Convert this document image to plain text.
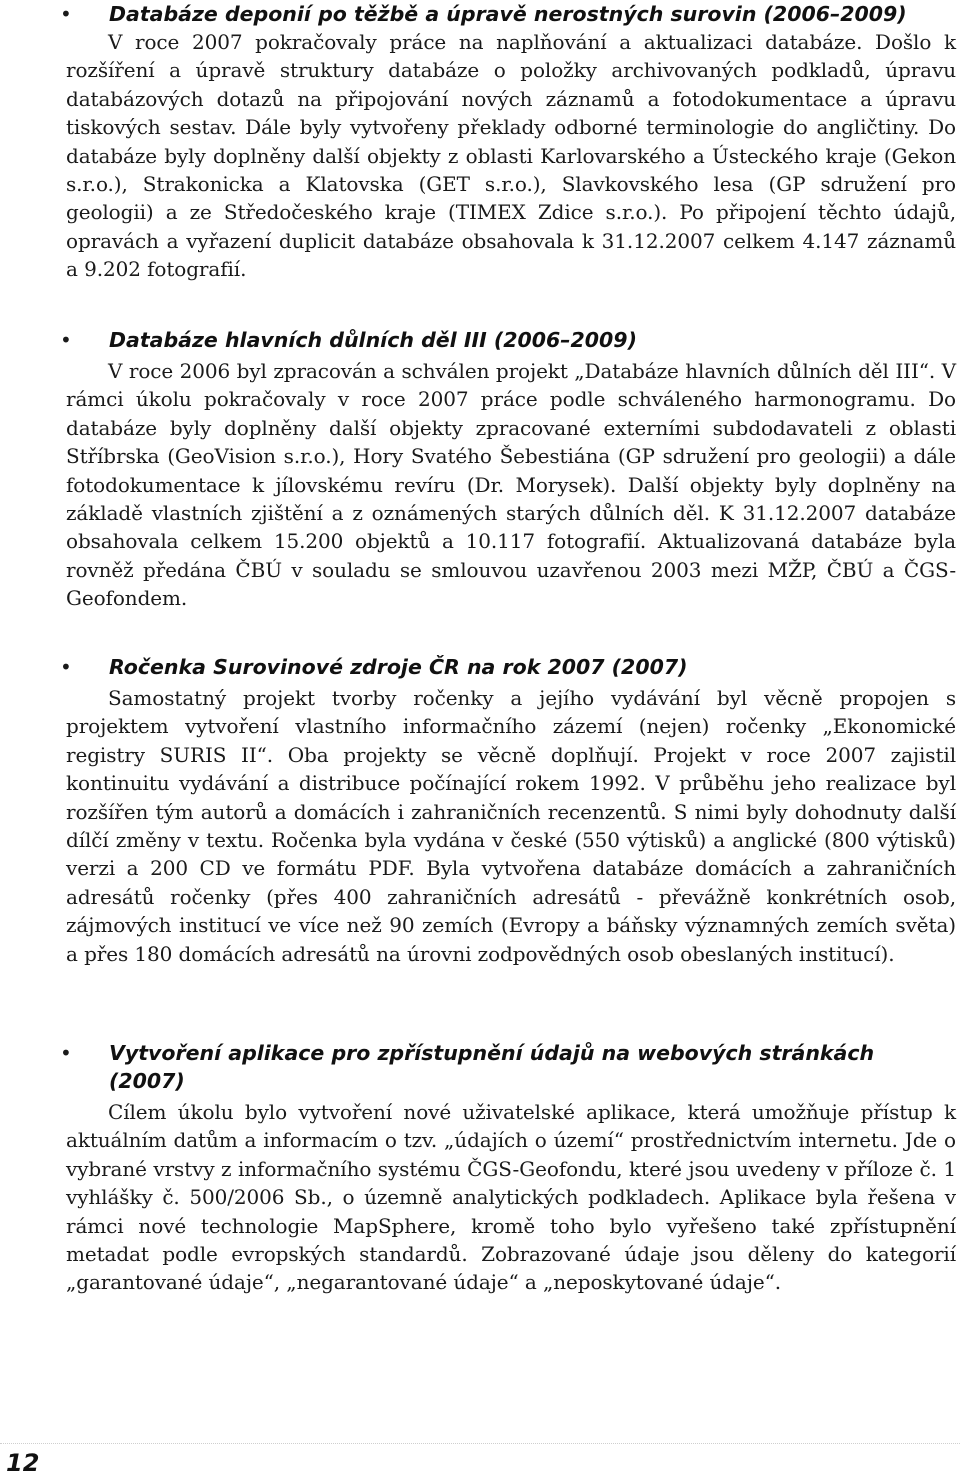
• Databáze deponií po těžbě a úpravě nerostných surovin (2006–2009)

V roce 2007 pokračovaly práce na naplňování a aktualizaci databáze. Došlo k rozšíření a úpravě struktury databáze o položky archivovaných podkladů, úpravu databázových dotazů na připojování nových záznamů a fotodokumentace a úpravu tiskových sestav. Dále byly vytvořeny překlady odborné terminologie do angličtiny. Do databáze byly doplněny další objekty z oblasti Karlovarského a Ústeckého kraje (Gekon s.r.o.), Strakonicka a Klatovska (GET s.r.o.), Slavkovského lesa (GP sdružení pro geologii) a ze Středočeského kraje (TIMEX Zdice s.r.o.). Po připojení těchto údajů, opravách a vyřazení duplicit databáze obsahovala k 31.12.2007 celkem 4.147 záznamů a 9.202 fotografií.

• Databáze hlavních důlních děl III (2006–2009)

V roce 2006 byl zpracován a schválen projekt „Databáze hlavních důlních děl III“. V rámci úkolu pokračovaly v roce 2007 práce podle schváleného harmonogramu. Do databáze byly doplněny další objekty zpracované externími subdodavateli z oblasti Stříbrska (GeoVision s.r.o.), Hory Svatého Šebestiána (GP sdružení pro geologii) a dále fotodokumentace k jílovskému revíru (Dr. Morysek). Další objekty byly doplněny na základě vlastních zjištění a z oznámených starých důlních děl. K 31.12.2007 databáze obsahovala celkem 15.200 objektů a 10.117 fotografií. Aktualizovaná databáze byla rovněž předána ČBÚ v souladu se smlouvou uzavřenou 2003 mezi MŽP, ČBÚ a ČGS-Geofondem.

• Ročenka Surovinové zdroje ČR na rok 2007 (2007)

Samostatný projekt tvorby ročenky a jejího vydávání byl věcně propojen s projektem vytvoření vlastního informačního zázemí (nejen) ročenky „Ekonomické registry SURIS II“. Oba projekty se věcně doplňují. Projekt v roce 2007 zajistil kontinuitu vydávání a distribuce počínající rokem 1992. V průběhu jeho realizace byl rozšířen tým autorů a domácích i zahraničních recenzentů. S nimi byly dohodnuty další dílčí změny v textu. Ročenka byla vydána v české (550 výtisků) a anglické (800 výtisků) verzi a 200 CD ve formátu PDF. Byla vytvořena databáze domácích a zahraničních adresátů ročenky (přes 400 zahraničních adresátů - převážně konkrétních osob, zájmových institucí ve více než 90 zemích (Evropy a báňsky významných zemích světa) a přes 180 domácích adresátů na úrovni zodpovědných osob obeslaných institucí).

• Vytvoření aplikace pro zpřístupnění údajů na webových stránkách (2007)

Cílem úkolu bylo vytvoření nové uživatelské aplikace, která umožňuje přístup k aktuálním datům a informacím o tzv. „údajích o území“ prostřednictvím internetu. Jde o vybrané vrstvy z informačního systému ČGS-Geofondu, které jsou uvedeny v příloze č. 1 vyhlášky č. 500/2006 Sb., o územně analytických podkladech. Aplikace byla řešena v rámci nové technologie MapSphere, kromě toho bylo vyřešeno také zpřístupnění metadat podle evropských standardů. Zobrazované údaje jsou děleny do kategorií „garantované údaje“, „negarantované údaje“ a „neposkytované údaje“.

12
